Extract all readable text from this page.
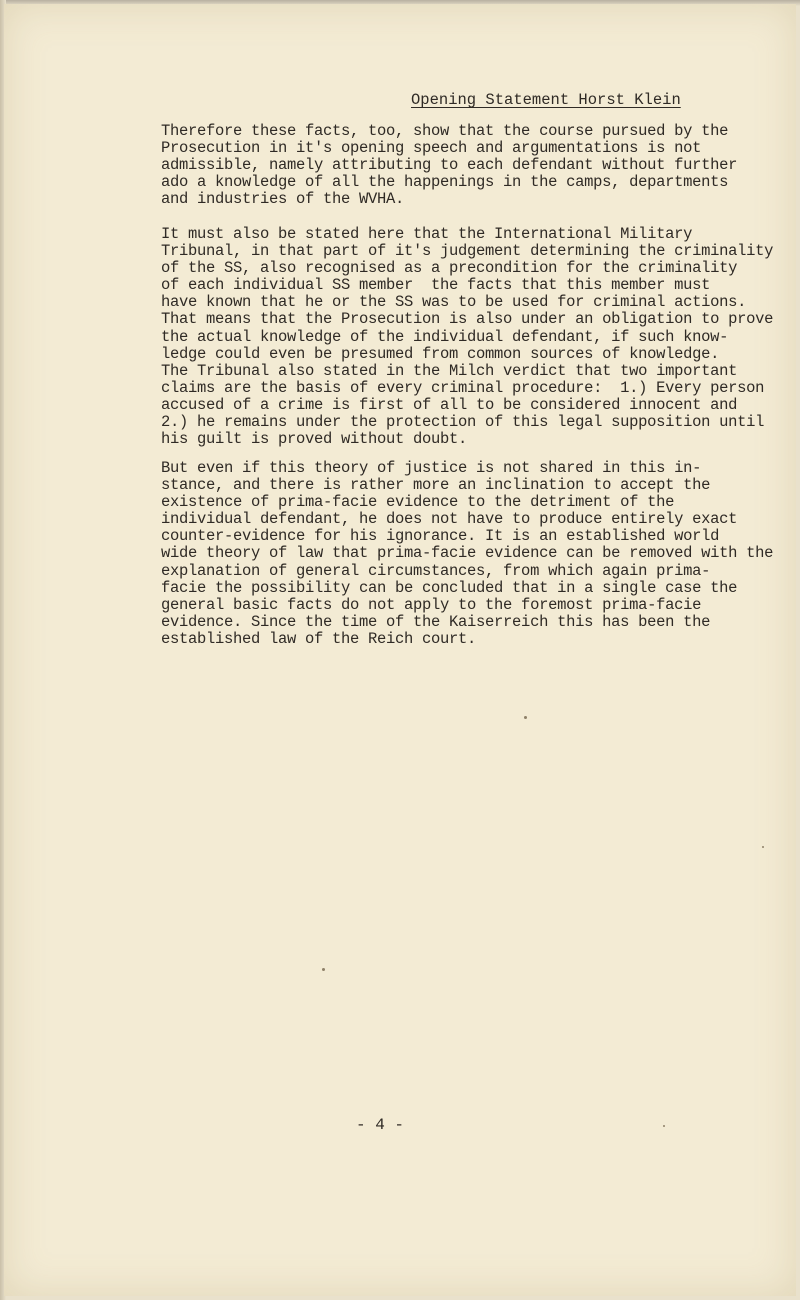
Opening Statement Horst Klein

Therefore these facts, too, show that the course pursued by the
Prosecution in it's opening speech and argumentations is not
admissible, namely attributing to each defendant without further
ado a knowledge of all the happenings in the camps, departments
and industries of the WVHA.

It must also be stated here that the International Military
Tribunal, in that part of it's judgement determining the criminality
of the SS, also recognised as a precondition for the criminality
of each individual SS member  the facts that this member must
have known that he or the SS was to be used for criminal actions.
That means that the Prosecution is also under an obligation to prove
the actual knowledge of the individual defendant, if such know-
ledge could even be presumed from common sources of knowledge.
The Tribunal also stated in the Milch verdict that two important
claims are the basis of every criminal procedure:  1.) Every person
accused of a crime is first of all to be considered innocent and
2.) he remains under the protection of this legal supposition until
his guilt is proved without doubt.

But even if this theory of justice is not shared in this in-
stance, and there is rather more an inclination to accept the
existence of prima-facie evidence to the detriment of the
individual defendant, he does not have to produce entirely exact
counter-evidence for his ignorance. It is an established world
wide theory of law that prima-facie evidence can be removed with the
explanation of general circumstances, from which again prima-
facie the possibility can be concluded that in a single case the
general basic facts do not apply to the foremost prima-facie
evidence. Since the time of the Kaiserreich this has been the
established law of the Reich court.

- 4 -
